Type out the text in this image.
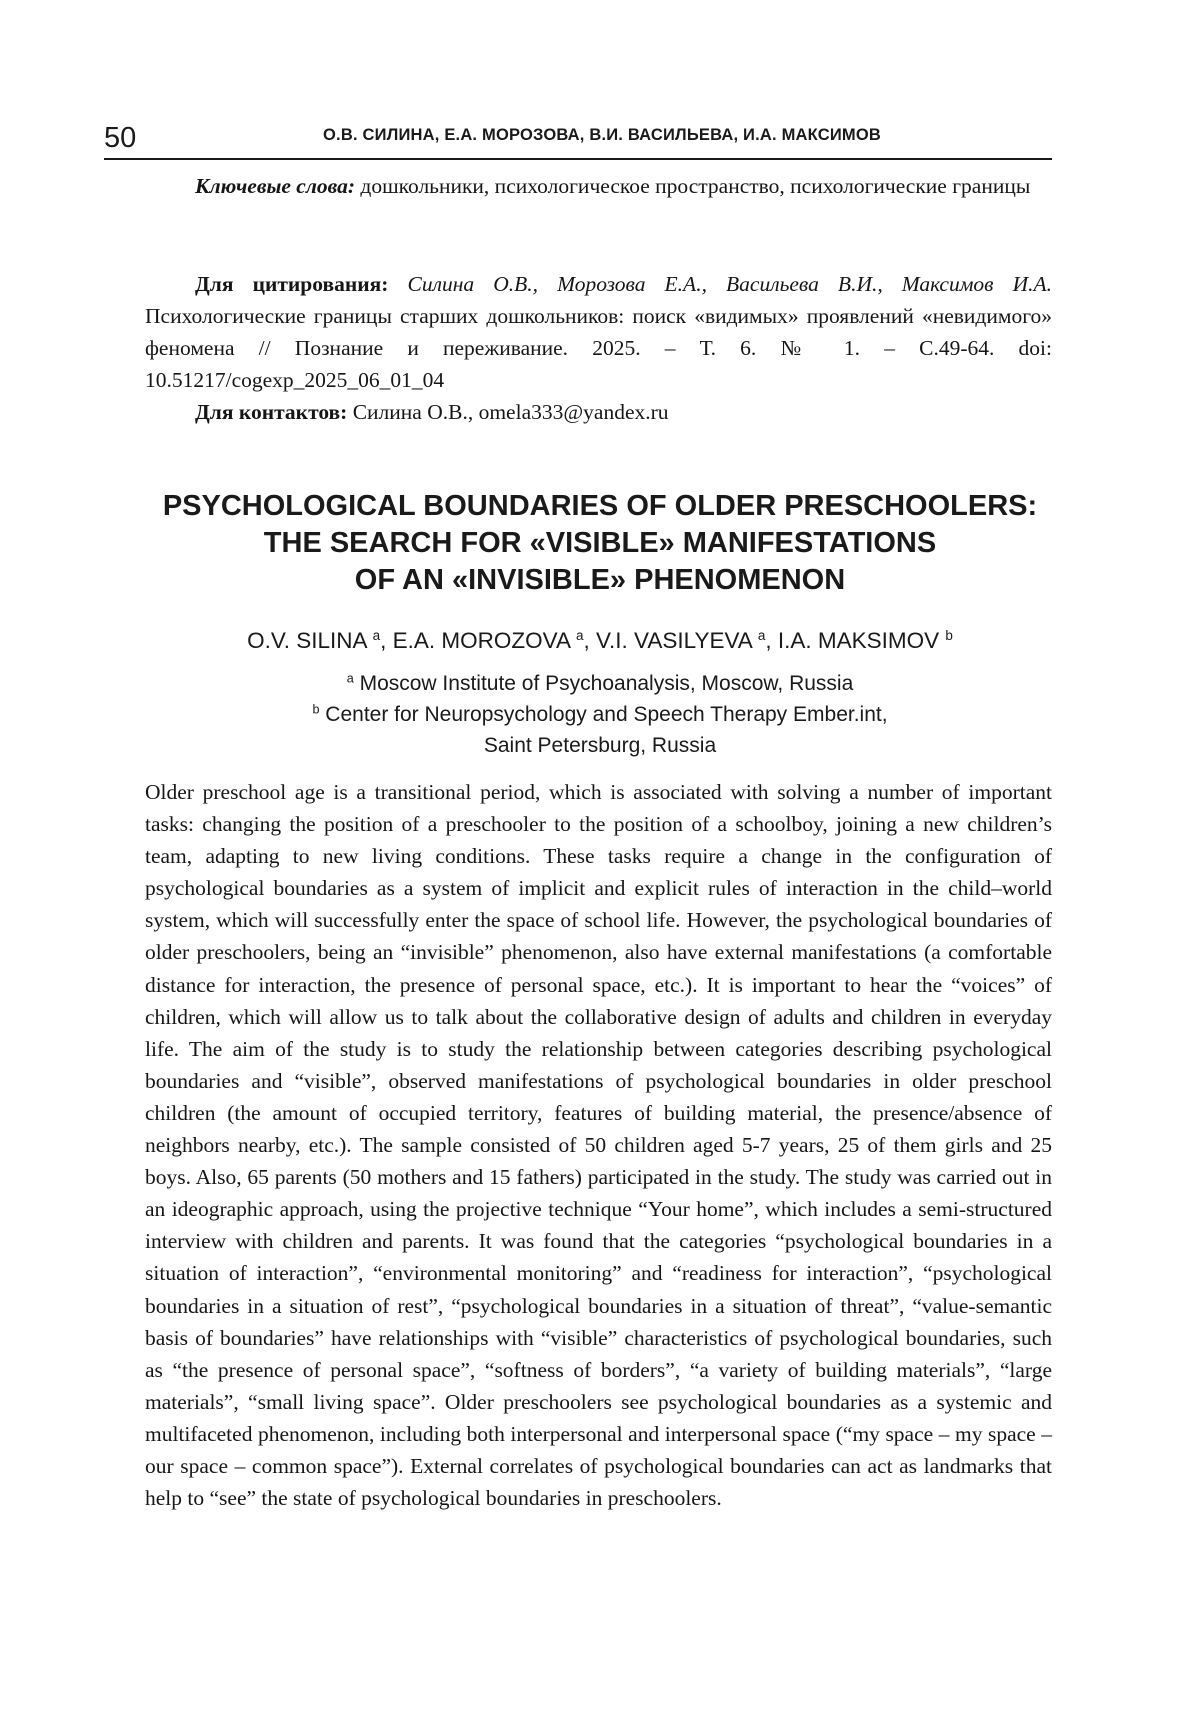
50	О.В. СИЛИНА, Е.А. МОРОЗОВА, В.И. ВАСИЛЬЕВА, И.А. МАКСИМОВ

Ключевые слова: дошкольники, психологическое пространство, психологические границы

Для цитирования: Силина О.В., Морозова Е.А., Васильева В.И., Максимов И.А. Психологические границы старших дошкольников: поиск «видимых» проявлений «невидимого» феномена // Познание и переживание. 2025. – Т. 6. № 1. – С.49-64. doi: 10.51217/cogexp_2025_06_01_04

Для контактов: Силина О.В., omela333@yandex.ru

PSYCHOLOGICAL BOUNDARIES OF OLDER PRESCHOOLERS:
THE SEARCH FOR «VISIBLE» MANIFESTATIONS
OF AN «INVISIBLE» PHENOMENON
O.V. SILINA $^a$, E.A. MOROZOVA $^a$, V.I. VASILYEVA $^a$, I.A. MAKSIMOV $^b$
$^a$ Moscow Institute of Psychoanalysis, Moscow, Russia
$^b$ Center for Neuropsychology and Speech Therapy Ember.int,
Saint Petersburg, Russia

Older preschool age is a transitional period, which is associated with solving a number of important tasks: changing the position of a preschooler to the position of a schoolboy, joining a new children’s team, adapting to new living conditions. These tasks require a change in the configuration of psychological boundaries as a system of implicit and explicit rules of interaction in the child–world system, which will successfully enter the space of school life. However, the psychological boundaries of older preschoolers, being an “invisible” phenomenon, also have external manifestations (a comfortable distance for interaction, the presence of personal space, etc.). It is important to hear the “voices” of children, which will allow us to talk about the collaborative design of adults and children in everyday life. The aim of the study is to study the relationship between categories describing psychological boundaries and “visible”, observed manifestations of psychological boundaries in older preschool children (the amount of occupied territory, features of building material, the presence/absence of neighbors nearby, etc.). The sample consisted of 50 children aged 5-7 years, 25 of them girls and 25 boys. Also, 65 parents (50 mothers and 15 fathers) participated in the study. The study was carried out in an ideographic approach, using the projective technique “Your home”, which includes a semi-structured interview with children and parents. It was found that the categories “psychological boundaries in a situation of interaction”, “environmental monitoring” and “readiness for interaction”, “psychological boundaries in a situation of rest”, “psychological boundaries in a situation of threat”, “value-semantic basis of boundaries” have relationships with “visible” characteristics of psychological boundaries, such as “the presence of personal space”, “softness of borders”, “a variety of building materials”, “large materials”, “small living space”. Older preschoolers see psychological boundaries as a systemic and multifaceted phenomenon, including both interpersonal and interpersonal space (“my space – my space – our space – common space”). External correlates of psychological boundaries can act as landmarks that help to “see” the state of psychological boundaries in preschoolers.
